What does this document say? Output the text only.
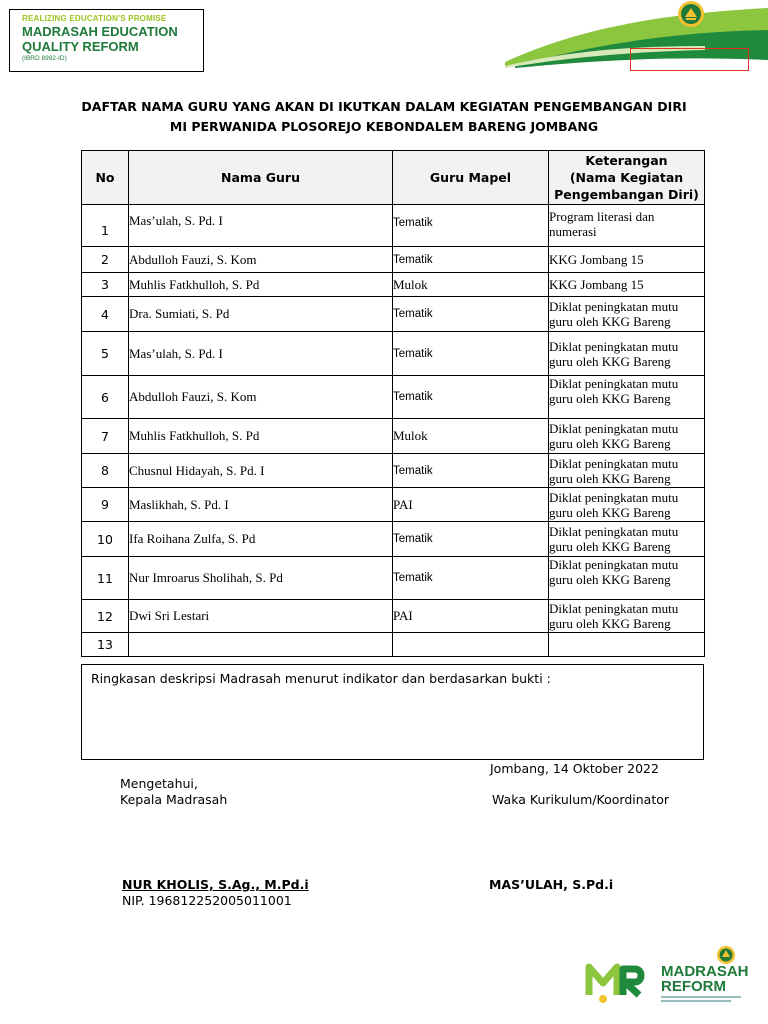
REALIZING EDUCATION'S PROMISE
MADRASAH EDUCATION
QUALITY REFORM
(IBRD 8992-ID)
DAFTAR NAMA GURU YANG AKAN DI IKUTKAN DALAM KEGIATAN PENGEMBANGAN DIRI
MI PERWANIDA PLOSOREJO KEBONDALEM BARENG JOMBANG
No	Nama Guru	Guru Mapel	Keterangan
(Nama Kegiatan
Pengembangan Diri)

1	Mas’ulah, S. Pd. I	Tematik	Program literasi dan
numerasi

2	Abdulloh Fauzi, S. Kom	Tematik	KKG Jombang 15

3	Muhlis Fatkhulloh, S. Pd	Mulok	KKG Jombang 15

4	Dra. Sumiati, S. Pd	Tematik	Diklat peningkatan mutu
guru oleh KKG Bareng

5	Mas’ulah, S. Pd. I	Tematik	Diklat peningkatan mutu
guru oleh KKG Bareng

6	Abdulloh Fauzi, S. Kom	Tematik	Diklat peningkatan mutu
guru oleh KKG Bareng

7	Muhlis Fatkhulloh, S. Pd	Mulok	Diklat peningkatan mutu
guru oleh KKG Bareng

8	Chusnul Hidayah, S. Pd. I	Tematik	Diklat peningkatan mutu
guru oleh KKG Bareng

9	Maslikhah, S. Pd. I	PAI	Diklat peningkatan mutu
guru oleh KKG Bareng

10	Ifa Roihana Zulfa, S. Pd	Tematik	Diklat peningkatan mutu
guru oleh KKG Bareng

11	Nur Imroarus Sholihah, S. Pd	Tematik	Diklat peningkatan mutu
guru oleh KKG Bareng

12	Dwi Sri Lestari	PAI	Diklat peningkatan mutu
guru oleh KKG Bareng

13			
Ringkasan deskripsi Madrasah menurut indikator dan berdasarkan bukti :
Jombang, 14 Oktober 2022
Mengetahui,
Kepala Madrasah	Waka Kurikulum/Koordinator
NUR KHOLIS, S.Ag., M.Pd.i
NIP. 196812252005011001
MAS’ULAH, S.Pd.i
MADRASAH
REFORM
